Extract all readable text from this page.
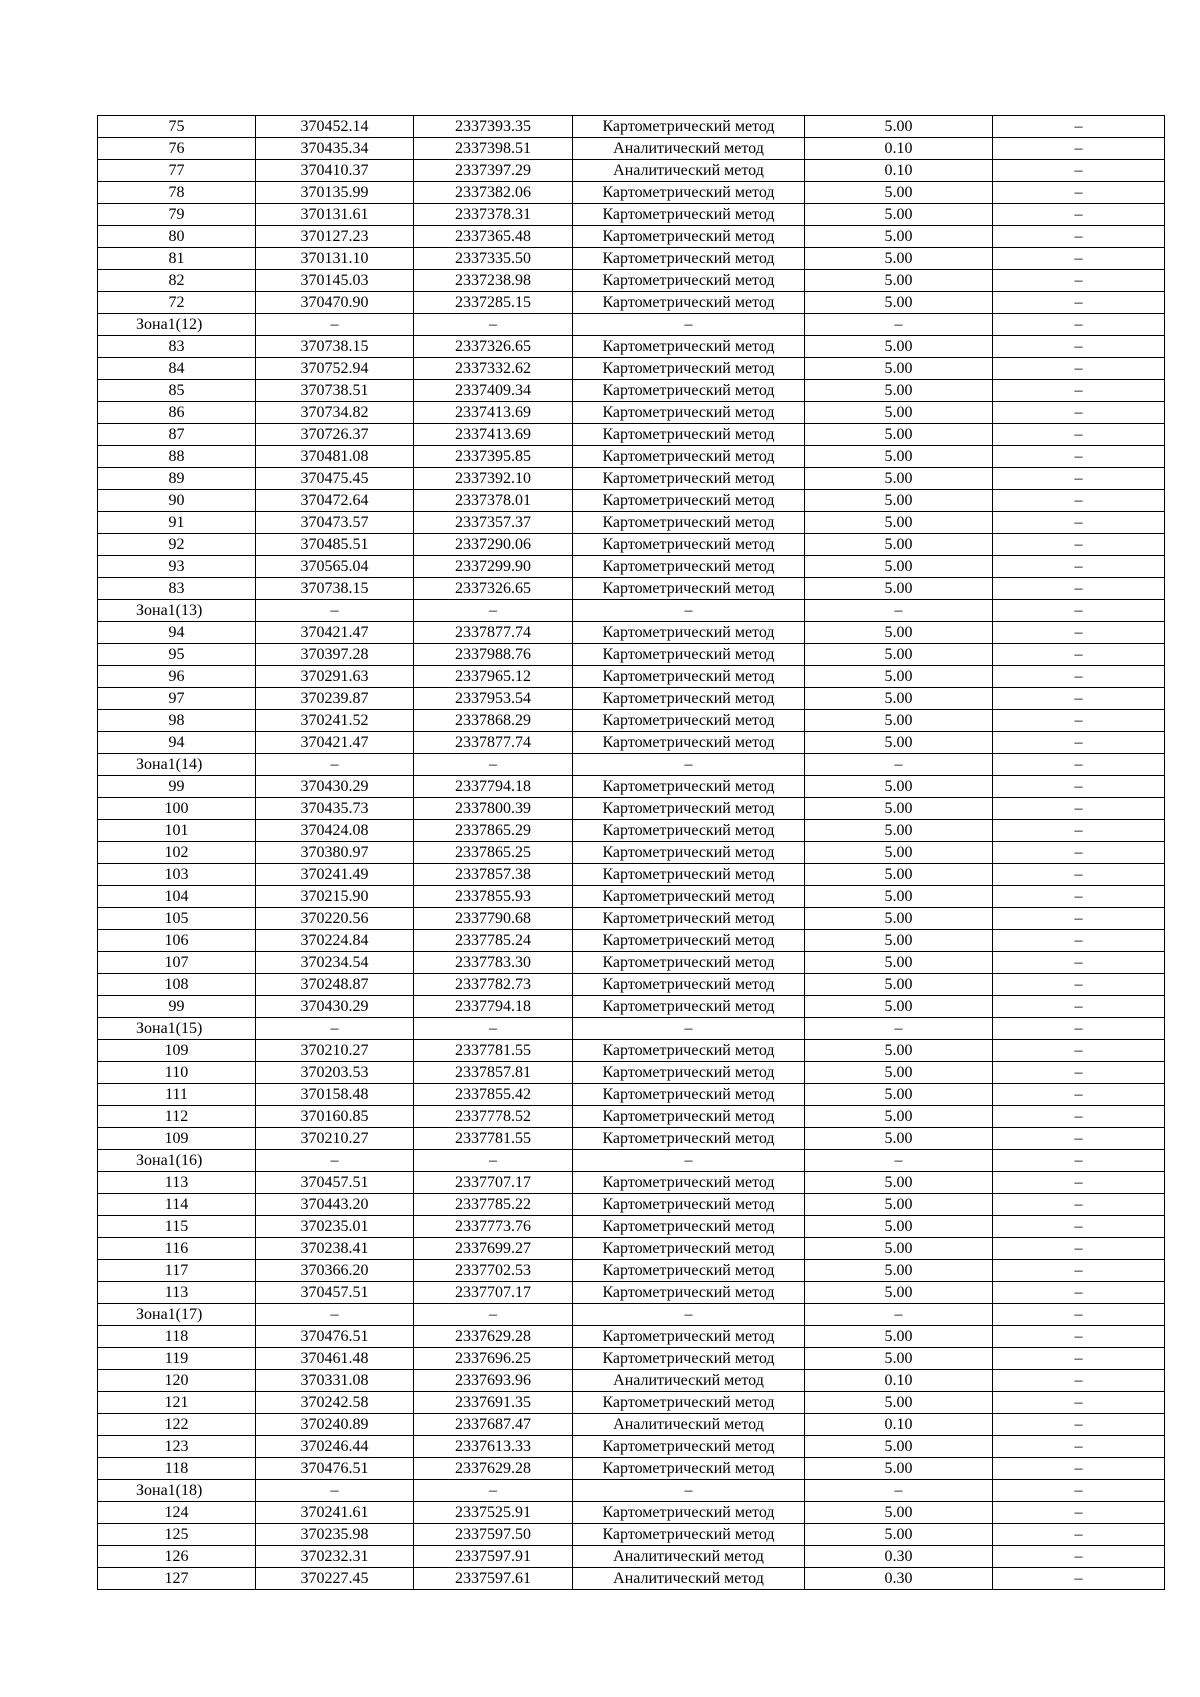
75	370452.14	2337393.35	Картометрический метод	5.00	–
76	370435.34	2337398.51	Аналитический метод	0.10	–
77	370410.37	2337397.29	Аналитический метод	0.10	–
78	370135.99	2337382.06	Картометрический метод	5.00	–
79	370131.61	2337378.31	Картометрический метод	5.00	–
80	370127.23	2337365.48	Картометрический метод	5.00	–
81	370131.10	2337335.50	Картометрический метод	5.00	–
82	370145.03	2337238.98	Картометрический метод	5.00	–
72	370470.90	2337285.15	Картометрический метод	5.00	–
Зона1(12)	–	–	–	–	–
83	370738.15	2337326.65	Картометрический метод	5.00	–
84	370752.94	2337332.62	Картометрический метод	5.00	–
85	370738.51	2337409.34	Картометрический метод	5.00	–
86	370734.82	2337413.69	Картометрический метод	5.00	–
87	370726.37	2337413.69	Картометрический метод	5.00	–
88	370481.08	2337395.85	Картометрический метод	5.00	–
89	370475.45	2337392.10	Картометрический метод	5.00	–
90	370472.64	2337378.01	Картометрический метод	5.00	–
91	370473.57	2337357.37	Картометрический метод	5.00	–
92	370485.51	2337290.06	Картометрический метод	5.00	–
93	370565.04	2337299.90	Картометрический метод	5.00	–
83	370738.15	2337326.65	Картометрический метод	5.00	–
Зона1(13)	–	–	–	–	–
94	370421.47	2337877.74	Картометрический метод	5.00	–
95	370397.28	2337988.76	Картометрический метод	5.00	–
96	370291.63	2337965.12	Картометрический метод	5.00	–
97	370239.87	2337953.54	Картометрический метод	5.00	–
98	370241.52	2337868.29	Картометрический метод	5.00	–
94	370421.47	2337877.74	Картометрический метод	5.00	–
Зона1(14)	–	–	–	–	–
99	370430.29	2337794.18	Картометрический метод	5.00	–
100	370435.73	2337800.39	Картометрический метод	5.00	–
101	370424.08	2337865.29	Картометрический метод	5.00	–
102	370380.97	2337865.25	Картометрический метод	5.00	–
103	370241.49	2337857.38	Картометрический метод	5.00	–
104	370215.90	2337855.93	Картометрический метод	5.00	–
105	370220.56	2337790.68	Картометрический метод	5.00	–
106	370224.84	2337785.24	Картометрический метод	5.00	–
107	370234.54	2337783.30	Картометрический метод	5.00	–
108	370248.87	2337782.73	Картометрический метод	5.00	–
99	370430.29	2337794.18	Картометрический метод	5.00	–
Зона1(15)	–	–	–	–	–
109	370210.27	2337781.55	Картометрический метод	5.00	–
110	370203.53	2337857.81	Картометрический метод	5.00	–
111	370158.48	2337855.42	Картометрический метод	5.00	–
112	370160.85	2337778.52	Картометрический метод	5.00	–
109	370210.27	2337781.55	Картометрический метод	5.00	–
Зона1(16)	–	–	–	–	–
113	370457.51	2337707.17	Картометрический метод	5.00	–
114	370443.20	2337785.22	Картометрический метод	5.00	–
115	370235.01	2337773.76	Картометрический метод	5.00	–
116	370238.41	2337699.27	Картометрический метод	5.00	–
117	370366.20	2337702.53	Картометрический метод	5.00	–
113	370457.51	2337707.17	Картометрический метод	5.00	–
Зона1(17)	–	–	–	–	–
118	370476.51	2337629.28	Картометрический метод	5.00	–
119	370461.48	2337696.25	Картометрический метод	5.00	–
120	370331.08	2337693.96	Аналитический метод	0.10	–
121	370242.58	2337691.35	Картометрический метод	5.00	–
122	370240.89	2337687.47	Аналитический метод	0.10	–
123	370246.44	2337613.33	Картометрический метод	5.00	–
118	370476.51	2337629.28	Картометрический метод	5.00	–
Зона1(18)	–	–	–	–	–
124	370241.61	2337525.91	Картометрический метод	5.00	–
125	370235.98	2337597.50	Картометрический метод	5.00	–
126	370232.31	2337597.91	Аналитический метод	0.30	–
127	370227.45	2337597.61	Аналитический метод	0.30	–
